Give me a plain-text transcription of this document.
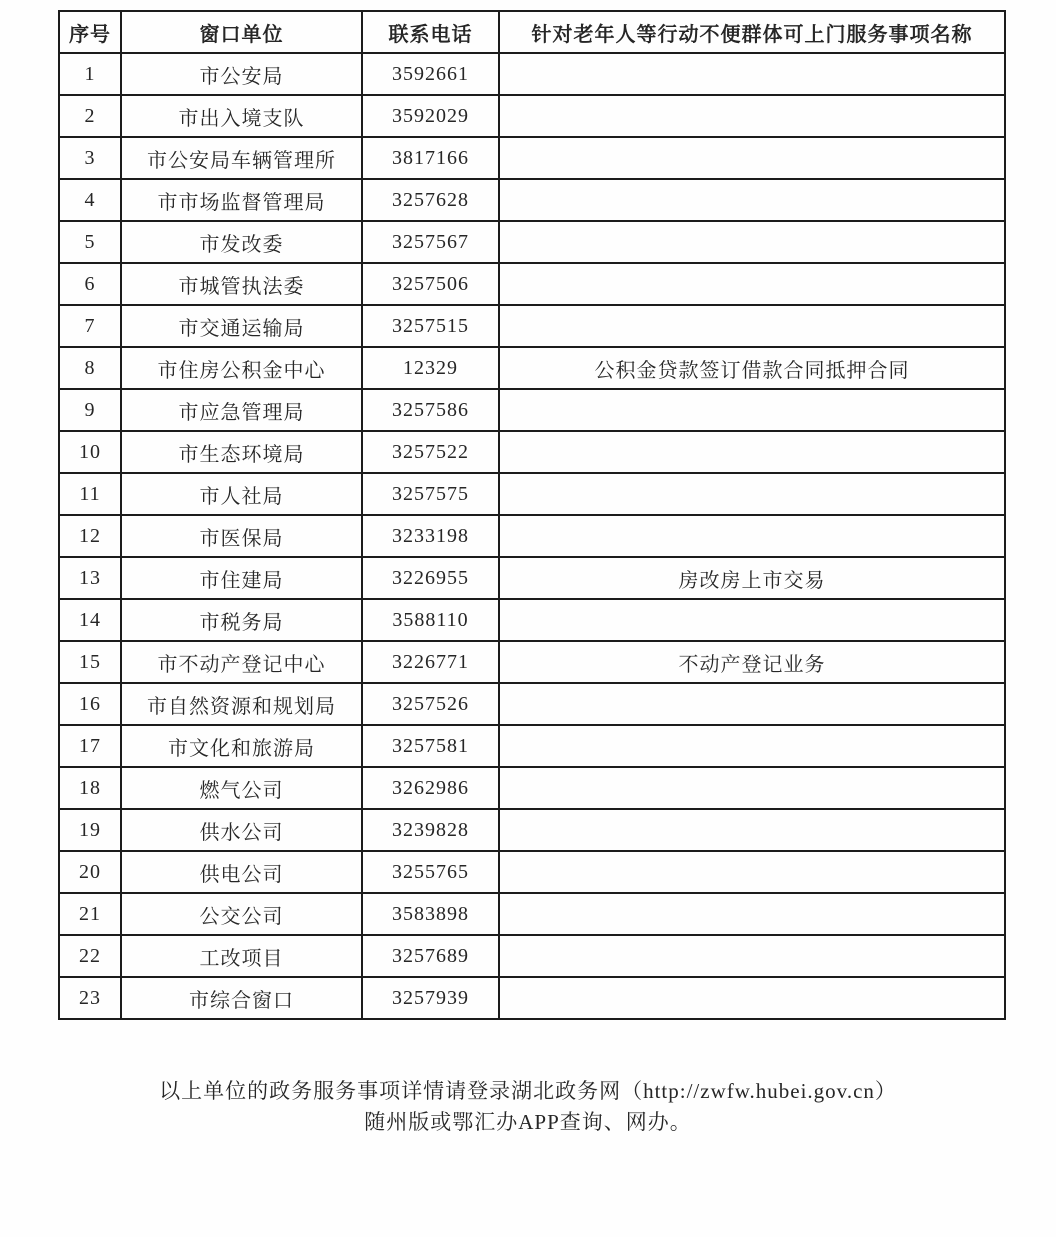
序号	窗口单位	联系电话	针对老年人等行动不便群体可上门服务事项名称
1	市公安局	3592661	
2	市出入境支队	3592029	
3	市公安局车辆管理所	3817166	
4	市市场监督管理局	3257628	
5	市发改委	3257567	
6	市城管执法委	3257506	
7	市交通运输局	3257515	
8	市住房公积金中心	12329	公积金贷款签订借款合同抵押合同
9	市应急管理局	3257586	
10	市生态环境局	3257522	
11	市人社局	3257575	
12	市医保局	3233198	
13	市住建局	3226955	房改房上市交易
14	市税务局	3588110	
15	市不动产登记中心	3226771	不动产登记业务
16	市自然资源和规划局	3257526	
17	市文化和旅游局	3257581	
18	燃气公司	3262986	
19	供水公司	3239828	
20	供电公司	3255765	
21	公交公司	3583898	
22	工改项目	3257689	
23	市综合窗口	3257939	
以上单位的政务服务事项详情请登录湖北政务网（http://zwfw.hubei.gov.cn）
随州版或鄂汇办APP查询、网办。
